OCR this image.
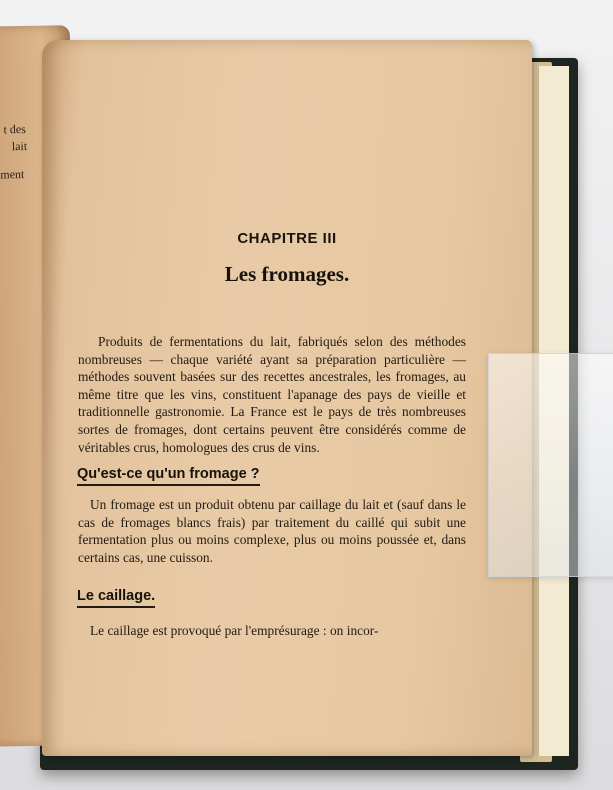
t des
lait
ment
CHAPITRE III
Les fromages.

Produits de fermentations du lait, fabriqués selon des méthodes nombreuses — chaque variété ayant sa préparation particulière — méthodes souvent basées sur des recettes ancestrales, les fromages, au même titre que les vins, constituent l'apanage des pays de vieille et traditionnelle gastronomie. La France est le pays de très nombreuses sortes de fromages, dont certains peuvent être considérés comme de véritables crus, homologues des crus de vins.

Qu'est-ce qu'un fromage ?

Un fromage est un produit obtenu par caillage du lait et (sauf dans le cas de fromages blancs frais) par traitement du caillé qui subit une fermentation plus ou moins complexe, plus ou moins poussée et, dans certains cas, une cuisson.

Le caillage.

Le caillage est provoqué par l'emprésurage : on incor-
